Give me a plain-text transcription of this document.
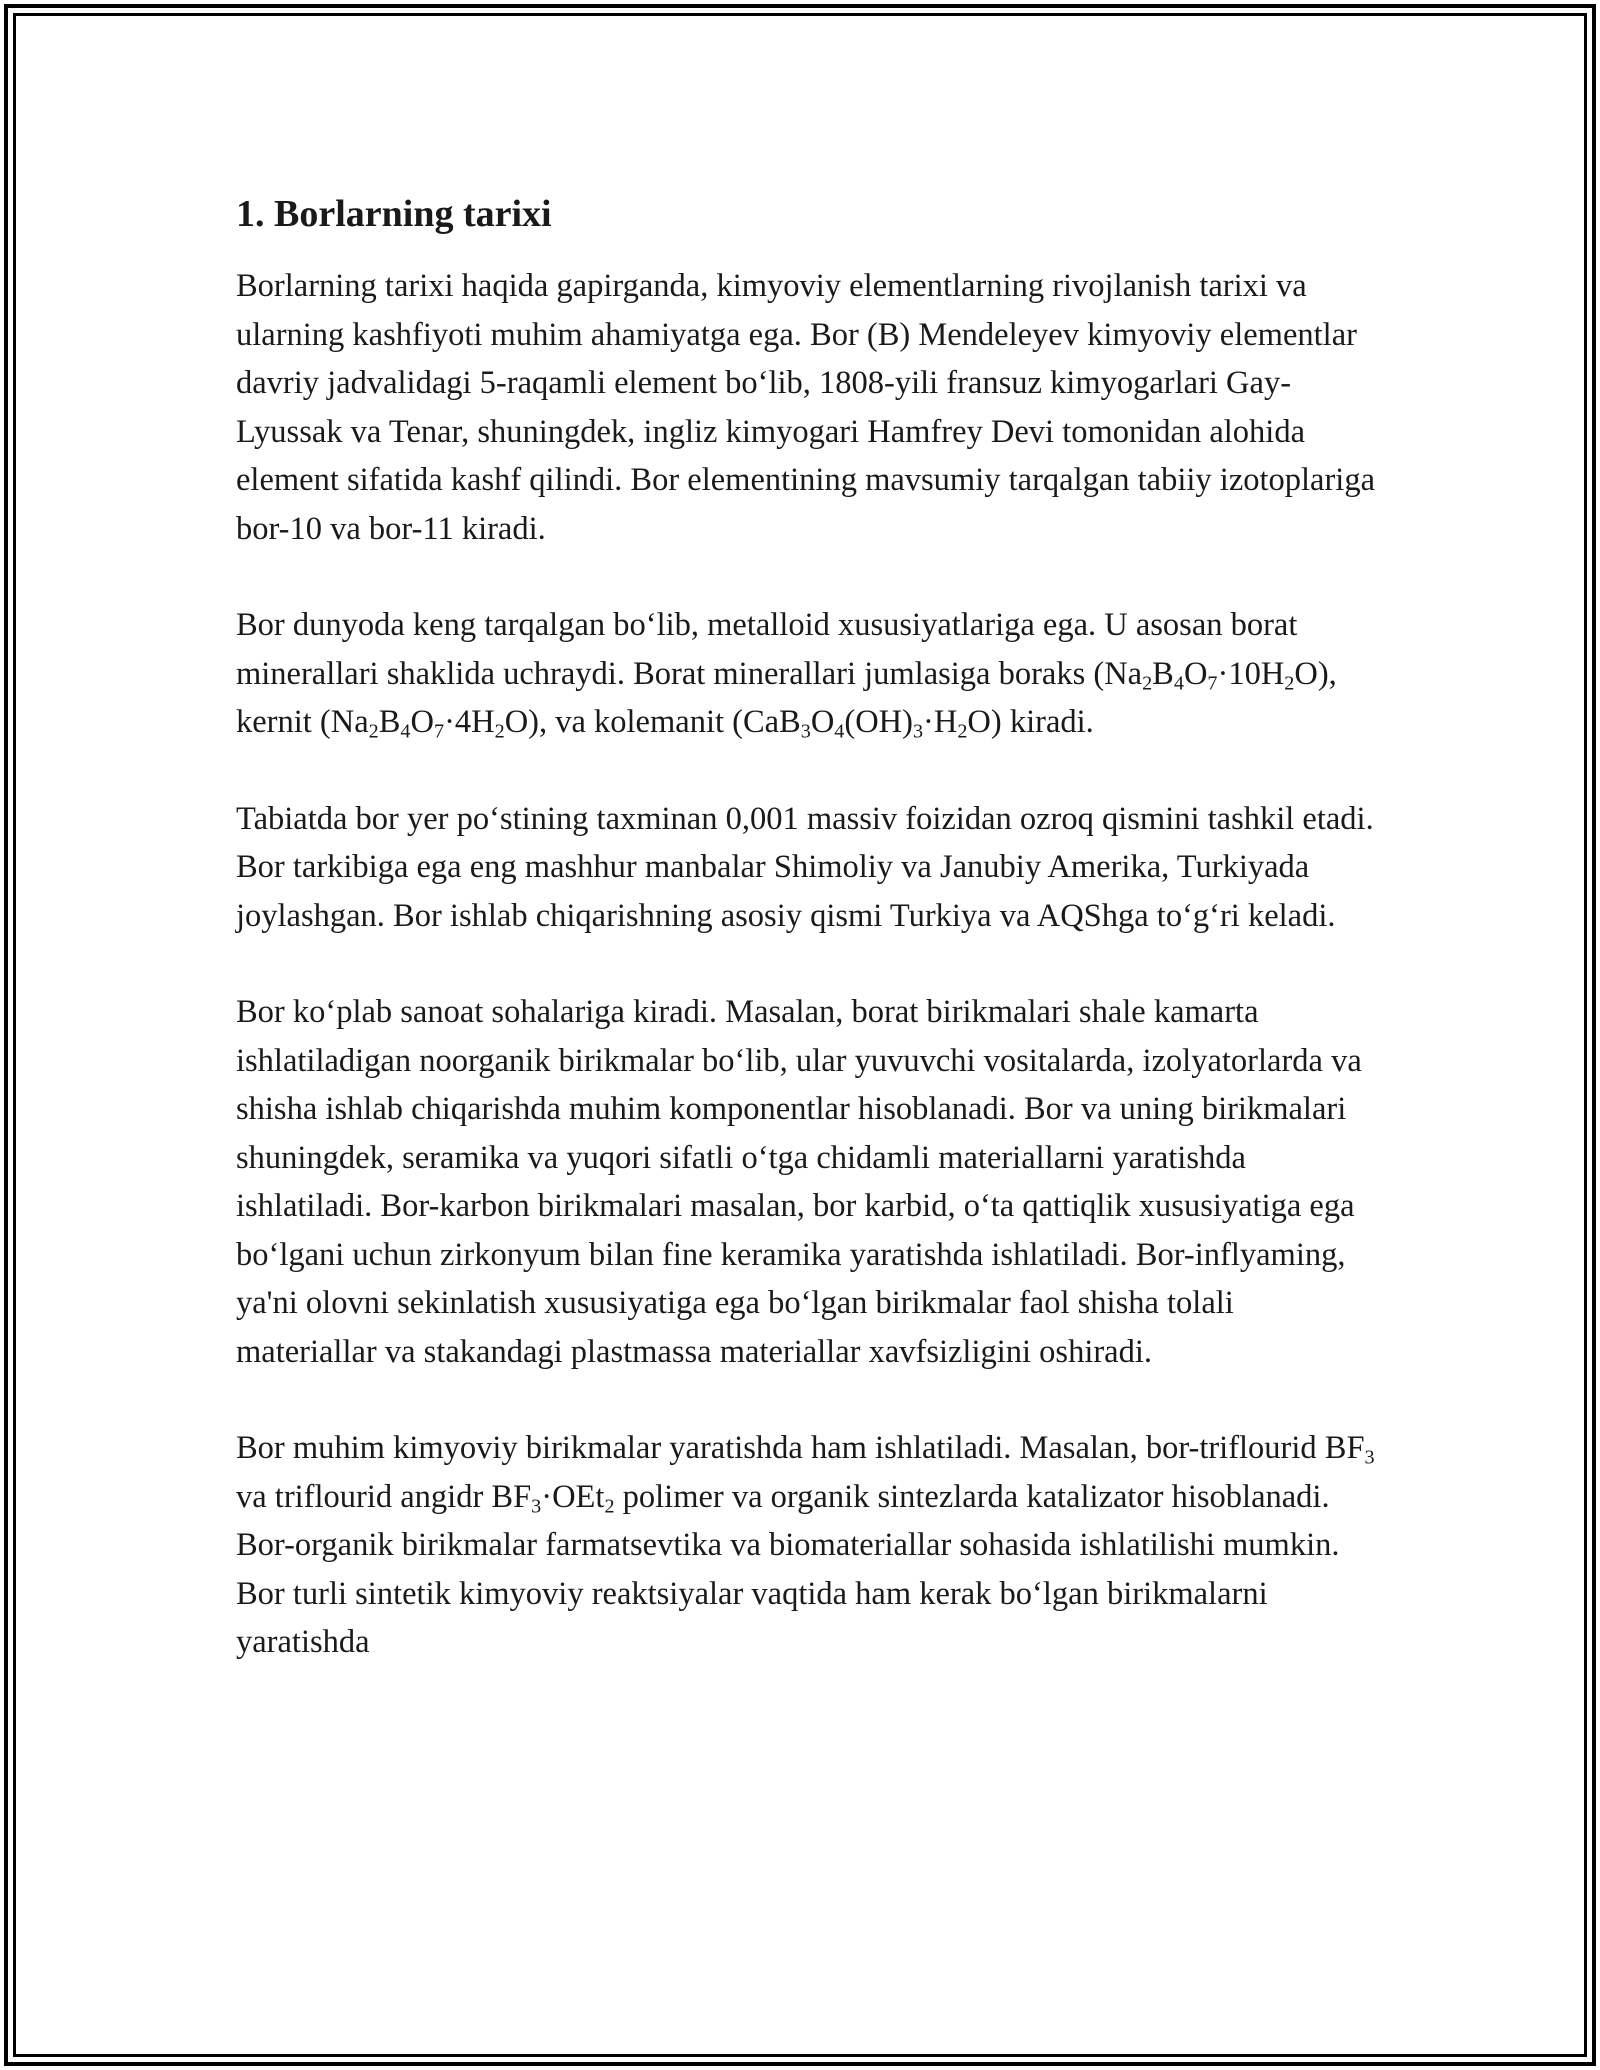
1. Borlarning tarixi

Borlarning tarixi haqida gapirganda, kimyoviy elementlarning rivojlanish tarixi va ularning kashfiyoti muhim ahamiyatga ega. Bor (B) Mendeleyev kimyoviy elementlar davriy jadvalidagi 5-raqamli element bo‘lib, 1808-yili fransuz kimyogarlari Gay-Lyussak va Tenar, shuningdek, ingliz kimyogari Hamfrey Devi tomonidan alohida element sifatida kashf qilindi. Bor elementining mavsumiy tarqalgan tabiiy izotoplariga bor-10 va bor-11 kiradi.

Bor dunyoda keng tarqalgan bo‘lib, metalloid xususiyatlariga ega. U asosan borat minerallari shaklida uchraydi. Borat minerallari jumlasiga boraks $(Na_2B_4O_7\cdot 10H_2O)$, kernit $(Na_2B_4O_7\cdot 4H_2O)$, va kolemanit $(CaB_3O_4(OH)_3\cdot H_2O)$ kiradi.

Tabiatda bor yer po‘stining taxminan 0,001 massiv foizidan ozroq qismini tashkil etadi. Bor tarkibiga ega eng mashhur manbalar Shimoliy va Janubiy Amerika, Turkiyada joylashgan. Bor ishlab chiqarishning asosiy qismi Turkiya va AQShga to‘g‘ri keladi.

Bor ko‘plab sanoat sohalariga kiradi. Masalan, borat birikmalari shale kamarta ishlatiladigan noorganik birikmalar bo‘lib, ular yuvuvchi vositalarda, izolyatorlarda va shisha ishlab chiqarishda muhim komponentlar hisoblanadi. Bor va uning birikmalari shuningdek, seramika va yuqori sifatli o‘tga chidamli materiallarni yaratishda ishlatiladi. Bor-karbon birikmalari masalan, bor karbid, o‘ta qattiqlik xususiyatiga ega bo‘lgani uchun zirkonyum bilan fine keramika yaratishda ishlatiladi. Bor-inflyaming, ya'ni olovni sekinlatish xususiyatiga ega bo‘lgan birikmalar faol shisha tolali materiallar va stakandagi plastmassa materiallar xavfsizligini oshiradi.

Bor muhim kimyoviy birikmalar yaratishda ham ishlatiladi. Masalan, bor-triflourid $BF_3$ va triflourid angidr $BF_3\cdot OEt_2$ polimer va organik sintezlarda katalizator hisoblanadi. Bor-organik birikmalar farmatsevtika va biomateriallar sohasida ishlatilishi mumkin. Bor turli sintetik kimyoviy reaktsiyalar vaqtida ham kerak bo‘lgan birikmalarni yaratishda
